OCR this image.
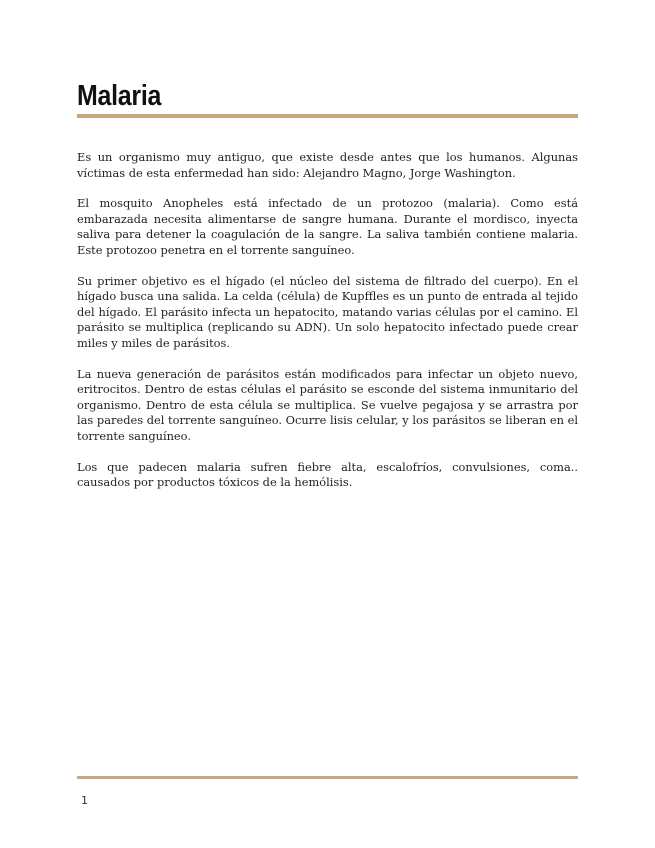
Malaria

Es un organismo muy antiguo, que existe desde antes que los humanos. Algunas víctimas de esta enfermedad han sido: Alejandro Magno, Jorge Washington.

El mosquito Anopheles está infectado de un protozoo (malaria). Como está embarazada necesita alimentarse de sangre humana. Durante el mordisco, inyecta saliva para detener la coagulación de la sangre. La saliva también contiene malaria. Este protozoo penetra en el torrente sanguíneo.

Su primer objetivo es el hígado (el núcleo del sistema de filtrado del cuerpo). En el hígado busca una salida. La celda (célula) de Kupffles es un punto de entrada al tejido del hígado. El parásito infecta un hepatocito, matando varias células por el camino. El parásito se multiplica (replicando su ADN). Un solo hepatocito infectado puede crear miles y miles de parásitos.

La nueva generación de parásitos están modificados para infectar un objeto nuevo, eritrocitos. Dentro de estas células el parásito se esconde del sistema inmunitario del organismo. Dentro de esta célula se multiplica. Se vuelve pegajosa y se arrastra por las paredes del torrente sanguíneo. Ocurre lisis celular, y los parásitos se liberan en el torrente sanguíneo.

Los que padecen malaria sufren fiebre alta, escalofríos, convulsiones, coma.. causados por productos tóxicos de la hemólisis.

1
